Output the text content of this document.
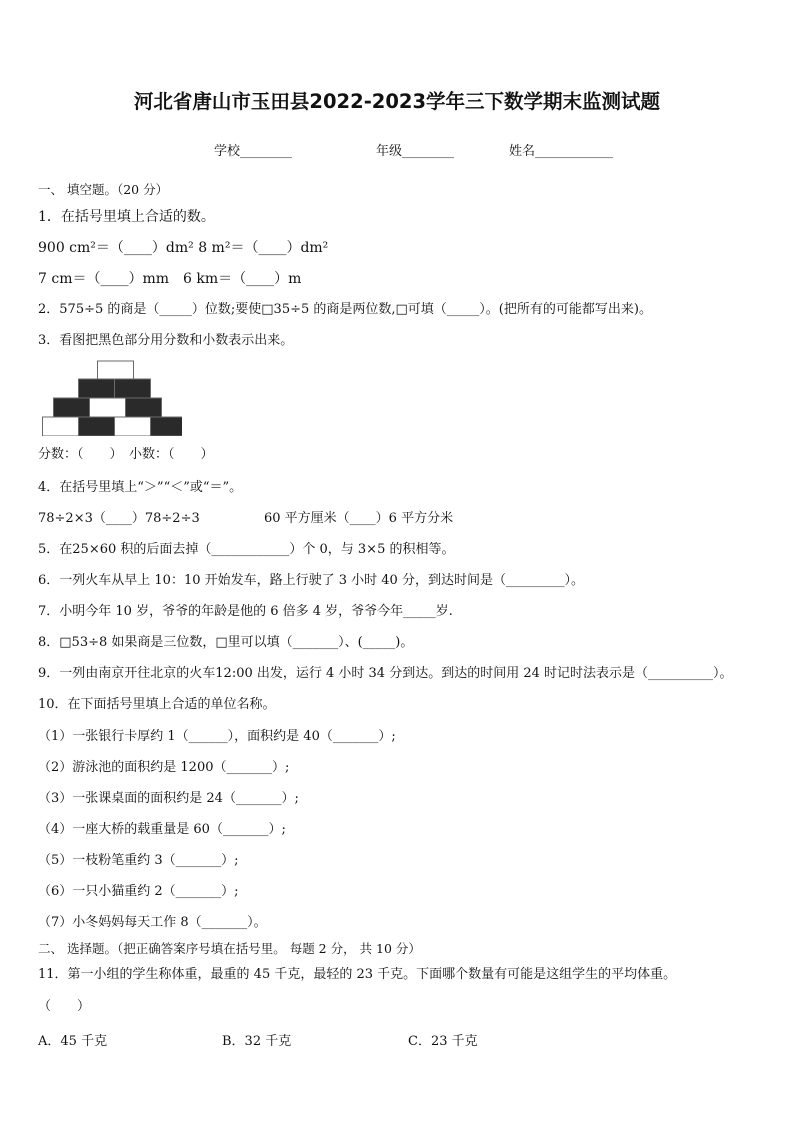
河北省唐山市玉田县2022-2023学年三下数学期末监测试题
学校________	年级________	姓名____________
一、 填空题。（20 分）
1．在括号里填上合适的数。
900 cm²＝（____）dm² 8 m²＝（____）dm²
7 cm＝（____）mm　6 km＝（____）m
2．575÷5 的商是（_____）位数;要使□35÷5 的商是两位数,□可填（_____）。(把所有的可能都写出来)。
3．看图把黑色部分用分数和小数表示出来。
分数：（　　）　小数：（　　）
4．在括号里填上“＞”“＜”或“＝”。
78÷2×3（____）78÷2÷3	60 平方厘米（____）6 平方分米
5．在25×60 积的后面去掉（____________）个 0，与 3×5 的积相等。
6．一列火车从早上 10：10 开始发车，路上行驶了 3 小时 40 分，到达时间是（_________）。
7．小明今年 10 岁，爷爷的年龄是他的 6 倍多 4 岁，爷爷今年_____岁.
8．□53÷8 如果商是三位数，□里可以填（_______）、(_____)。
9．一列由南京开往北京的火车12:00 出发，运行 4 小时 34 分到达。到达的时间用 24 时记时法表示是（__________）。
10．在下面括号里填上合适的单位名称。
（1）一张银行卡厚约 1（______），面积约是 40（_______）;
（2）游泳池的面积约是 1200（_______）;
（3）一张课桌面的面积约是 24（_______）;
（4）一座大桥的载重量是 60（_______）;
（5）一枝粉笔重约 3（_______）;
（6）一只小猫重约 2（_______）;
（7）小冬妈妈每天工作 8（_______）。
二、 选择题。（把正确答案序号填在括号里。 每题 2 分， 共 10 分）
11．第一小组的学生称体重，最重的 45 千克，最轻的 23 千克。下面哪个数量有可能是这组学生的平均体重。
（　　）
A．45 千克	B．32 千克	C．23 千克
